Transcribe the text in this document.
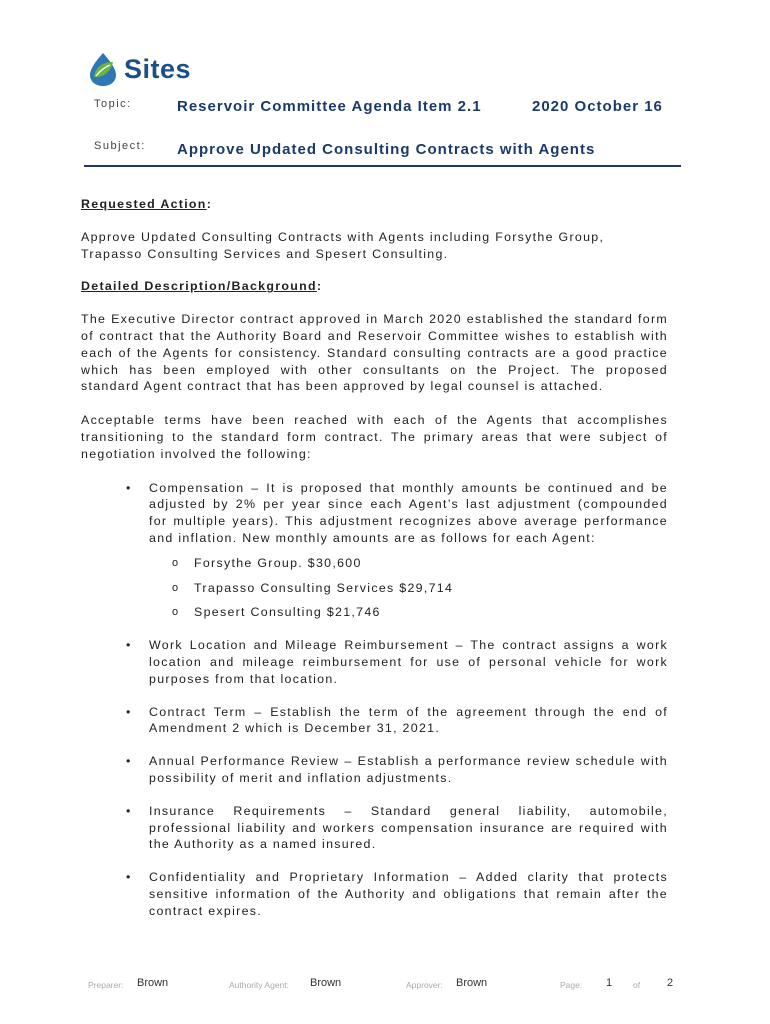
Sites
Topic:	Reservoir Committee Agenda Item 2.1	2020 October 16
Subject: Approve Updated Consulting Contracts with Agents

Requested Action:

Approve Updated Consulting Contracts with Agents including Forsythe Group, Trapasso Consulting Services and Spesert Consulting.

Detailed Description/Background:

The Executive Director contract approved in March 2020 established the standard form of contract that the Authority Board and Reservoir Committee wishes to establish with each of the Agents for consistency. Standard consulting contracts are a good practice which has been employed with other consultants on the Project. The proposed standard Agent contract that has been approved by legal counsel is attached.

Acceptable terms have been reached with each of the Agents that accomplishes transitioning to the standard form contract. The primary areas that were subject of negotiation involved the following:

• Compensation – It is proposed that monthly amounts be continued and be adjusted by 2% per year since each Agent’s last adjustment (compounded for multiple years). This adjustment recognizes above average performance and inflation. New monthly amounts are as follows for each Agent:
o Forsythe Group. $30,600
o Trapasso Consulting Services $29,714
o Spesert Consulting $21,746
• Work Location and Mileage Reimbursement – The contract assigns a work location and mileage reimbursement for use of personal vehicle for work purposes from that location.
• Contract Term – Establish the term of the agreement through the end of Amendment 2 which is December 31, 2021.
• Annual Performance Review – Establish a performance review schedule with possibility of merit and inflation adjustments.
• Insurance Requirements – Standard general liability, automobile, professional liability and workers compensation insurance are required with the Authority as a named insured.
• Confidentiality and Proprietary Information – Added clarity that protects sensitive information of the Authority and obligations that remain after the contract expires.
Preparer: Brown	Authority Agent: Brown	Approver: Brown	Page: 1 of 2
